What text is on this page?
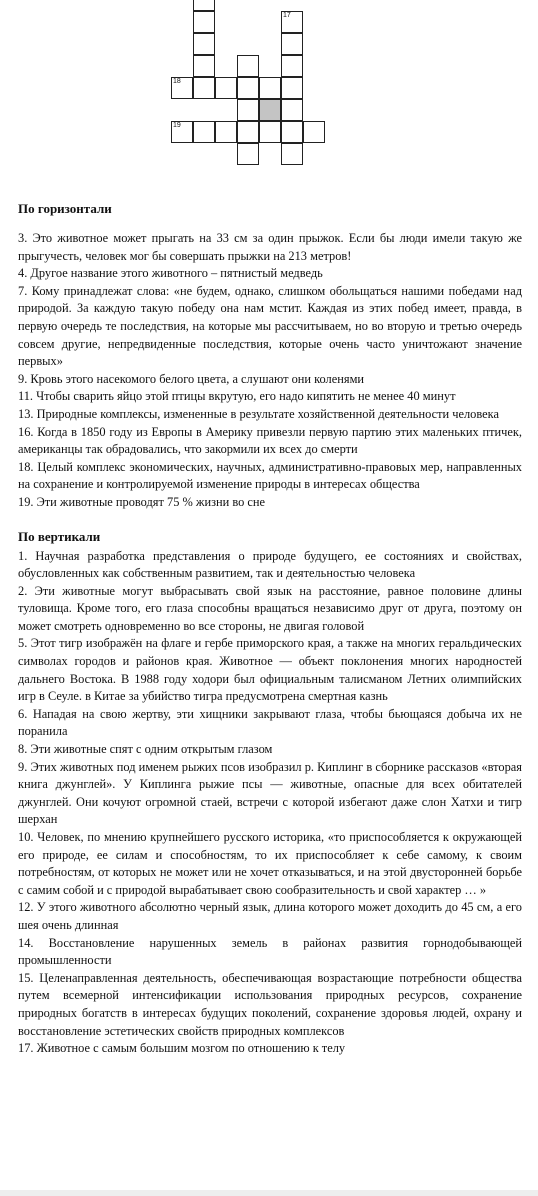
17
18
19
По горизонтали

3. Это животное может прыгать на 33 см за один прыжок. Если бы люди имели такую же прыгучесть, человек мог бы совершать прыжки на 213 метров!

4. Другое название этого животного – пятнистый медведь

7. Кому принадлежат слова: «не будем, однако, слишком обольщаться нашими победами над природой. За каждую такую победу она нам мстит. Каждая из этих побед имеет, правда, в первую очередь те последствия, на которые мы рассчитываем, но во вторую и третью очередь совсем другие, непредвиденные последствия, которые очень часто уничтожают значение первых»

9. Кровь этого насекомого белого цвета, а слушают они коленями

11. Чтобы сварить яйцо этой птицы вкрутую, его надо кипятить не менее 40 минут

13. Природные комплексы, измененные в результате хозяйственной деятельности человека

16. Когда в 1850 году из Европы в Америку привезли первую партию этих маленьких птичек, американцы так обрадовались, что закормили их всех до смерти

18. Целый комплекс экономических, научных, административно-правовых мер, направленных на сохранение и контролируемой изменение природы в интересах общества

19. Эти животные проводят 75 % жизни во сне

По вертикали

1. Научная разработка представления о природе будущего, ее состояниях и свойствах, обусловленных как собственным развитием, так и деятельностью человека

2. Эти животные могут выбрасывать свой язык на расстояние, равное половине длины туловища. Кроме того, его глаза способны вращаться независимо друг от друга, поэтому он может смотреть одновременно во все стороны, не двигая головой

5. Этот тигр изображён на флаге и гербе приморского края, а также на многих геральдических символах городов и районов края. Животное — объект поклонения многих народностей дальнего Востока. В 1988 году ходори был официальным талисманом Летних олимпийских игр в Сеуле. в Китае за убийство тигра предусмотрена смертная казнь

6. Нападая на свою жертву, эти хищники закрывают глаза, чтобы бьющаяся добыча их не поранила

8. Эти животные спят с одним открытым глазом

9. Этих животных под именем рыжих псов изобразил р. Киплинг в сборнике рассказов «вторая книга джунглей». У Киплинга рыжие псы — животные, опасные для всех обитателей джунглей. Они кочуют огромной стаей, встречи с которой избегают даже слон Хатхи и тигр шерхан

10. Человек, по мнению крупнейшего русского историка, «то приспособляется к окружающей его природе, ее силам и способностям, то их приспособляет к себе самому, к своим потребностям, от которых не может или не хочет отказываться, и на этой двусторонней борьбе с самим собой и с природой вырабатывает свою сообразительность и свой характер … »

12. У этого животного абсолютно черный язык, длина которого может доходить до 45 см, а его шея очень длинная

14. Восстановление нарушенных земель в районах развития горнодобывающей промышленности

15. Целенаправленная деятельность, обеспечивающая возрастающие потребности общества путем всемерной интенсификации использования природных ресурсов, сохранение природных богатств в интересах будущих поколений, сохранение здоровья людей, охрану и восстановление эстетических свойств природных комплексов

17. Животное с самым большим мозгом по отношению к телу
